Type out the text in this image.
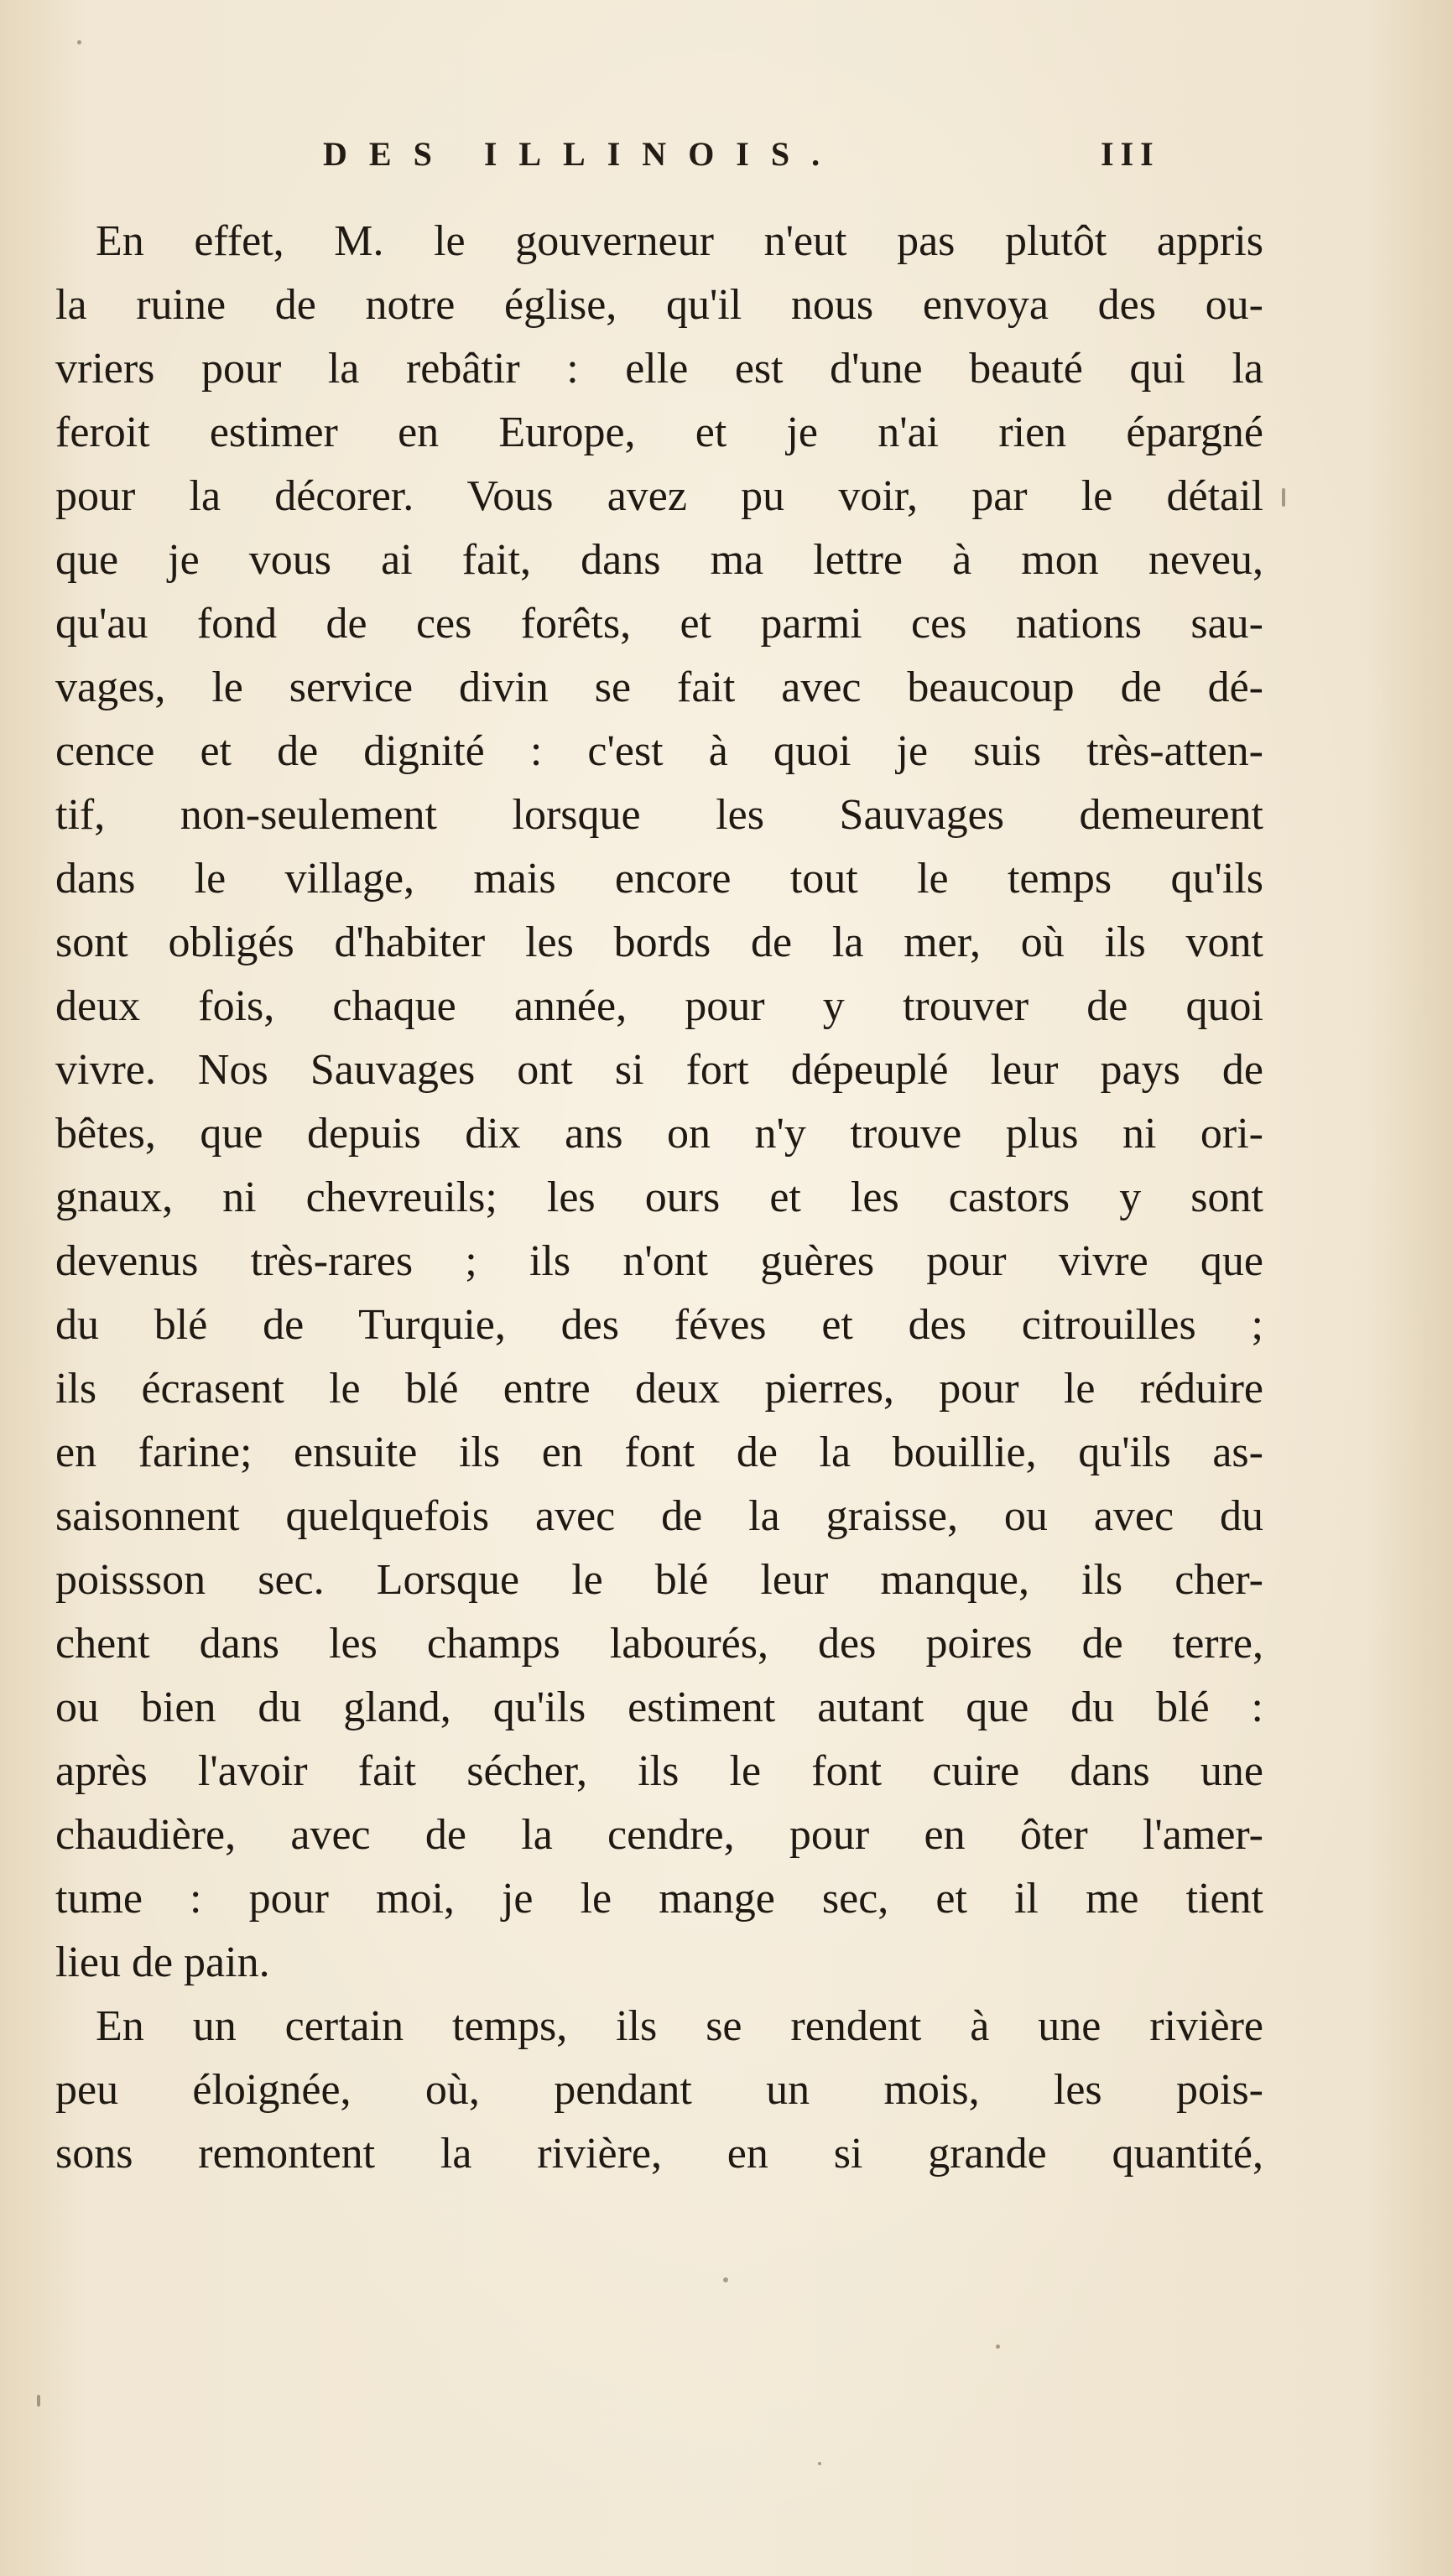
DES ILLINOIS.	III
En effet, M. le gouverneur n'eut pas plutôt appris
la ruine de notre église, qu'il nous envoya des ou-
vriers pour la rebâtir : elle est d'une beauté qui la
feroit estimer en Europe, et je n'ai rien épargné
pour la décorer. Vous avez pu voir, par le détail
que je vous ai fait, dans ma lettre à mon neveu,
qu'au fond de ces forêts, et parmi ces nations sau-
vages, le service divin se fait avec beaucoup de dé-
cence et de dignité : c'est à quoi je suis très-atten-
tif, non-seulement lorsque les Sauvages demeurent
dans le village, mais encore tout le temps qu'ils
sont obligés d'habiter les bords de la mer, où ils vont
deux fois, chaque année, pour y trouver de quoi
vivre. Nos Sauvages ont si fort dépeuplé leur pays de
bêtes, que depuis dix ans on n'y trouve plus ni ori-
gnaux, ni chevreuils; les ours et les castors y sont
devenus très-rares ; ils n'ont guères pour vivre que
du blé de Turquie, des féves et des citrouilles ;
ils écrasent le blé entre deux pierres, pour le réduire
en farine; ensuite ils en font de la bouillie, qu'ils as-
saisonnent quelquefois avec de la graisse, ou avec du
poissson sec. Lorsque le blé leur manque, ils cher-
chent dans les champs labourés, des poires de terre,
ou bien du gland, qu'ils estiment autant que du blé :
après l'avoir fait sécher, ils le font cuire dans une
chaudière, avec de la cendre, pour en ôter l'amer-
tume : pour moi, je le mange sec, et il me tient
lieu de pain.
En un certain temps, ils se rendent à une rivière
peu éloignée, où, pendant un mois, les pois-
sons remontent la rivière, en si grande quantité,
